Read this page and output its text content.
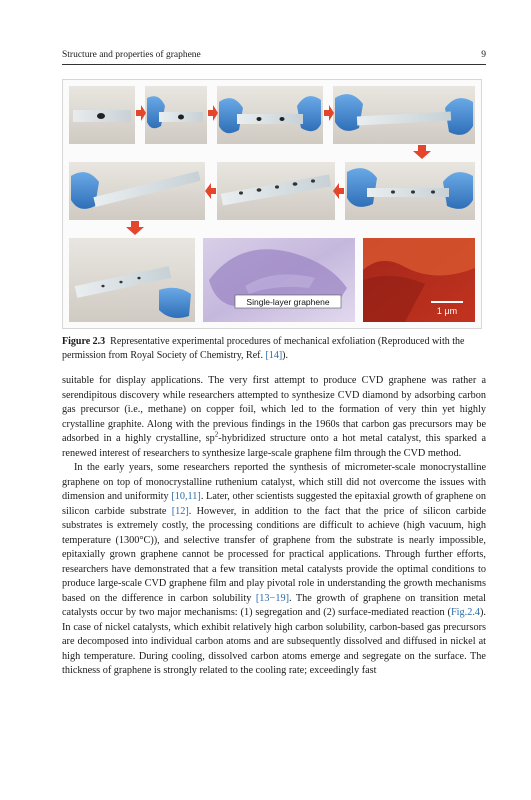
Structure and properties of graphene	9
Single-layer graphene
1 μm
Figure 2.3 Representative experimental procedures of mechanical exfoliation (Reproduced with the permission from Royal Society of Chemistry, Ref. [14]).

suitable for display applications. The very first attempt to produce CVD graphene was rather a serendipitous discovery while researchers attempted to synthesize CVD diamond by adsorbing carbon gas precursor (i.e., methane) on copper foil, which led to the formation of very thin yet highly crystalline graphite. Along with the previous findings in the 1960s that carbon gas precursors may be adsorbed in a highly crystalline, $sp^2$-hybridized structure onto a hot metal catalyst, this sparked a renewed interest of researchers to synthesize large-scale graphene film through the CVD method.

In the early years, some researchers reported the synthesis of micrometer-scale monocrystalline graphene on top of monocrystalline ruthenium catalyst, which still did not overcome the issues with dimension and uniformity [10,11]. Later, other scientists suggested the epitaxial growth of graphene on silicon carbide substrate [12]. However, in addition to the fact that the price of silicon carbide substrates is extremely costly, the processing conditions are difficult to achieve (high vacuum, high temperature (1300°C)), and selective transfer of graphene from the substrate is nearly impossible, epitaxially grown graphene cannot be processed for practical applications. Through further efforts, researchers have demonstrated that a few transition metal catalysts provide the optimal conditions to produce large-scale CVD graphene film and play pivotal role in understanding the growth mechanisms based on the difference in carbon solubility [13−19]. The growth of graphene on transition metal catalysts occur by two major mechanisms: (1) segregation and (2) surface-mediated reaction (Fig.2.4). In case of nickel catalysts, which exhibit relatively high carbon solubility, carbon-based gas precursors are decomposed into individual carbon atoms and are subsequently dissolved and diffused in nickel at high temperature. During cooling, dissolved carbon atoms emerge and segregate on the surface. The thickness of graphene is strongly related to the cooling rate; exceedingly fast
